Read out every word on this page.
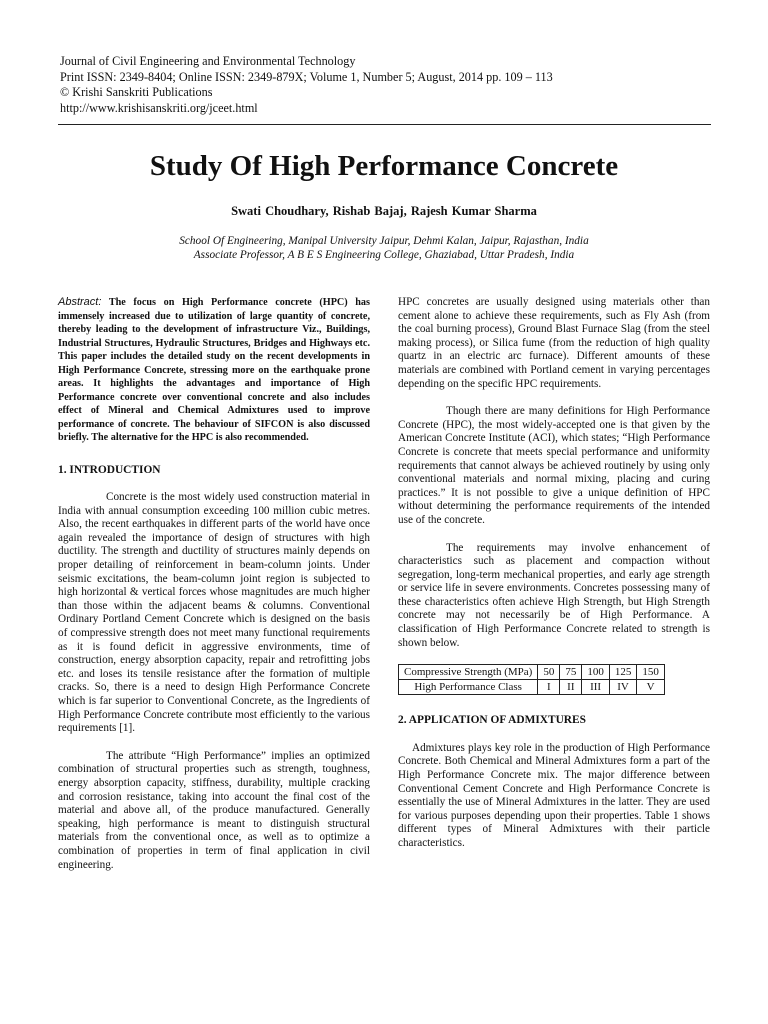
Journal of Civil Engineering and Environmental Technology
Print ISSN: 2349-8404; Online ISSN: 2349-879X; Volume 1, Number 5; August, 2014 pp. 109 – 113
© Krishi Sanskriti Publications
http://www.krishisanskriti.org/jceet.html
Study Of High Performance Concrete
Swati Choudhary, Rishab Bajaj, Rajesh Kumar Sharma
School Of Engineering, Manipal University Jaipur, Dehmi Kalan, Jaipur, Rajasthan, India
Associate Professor, A B E S Engineering College, Ghaziabad, Uttar Pradesh, India

Abstract: The focus on High Performance concrete (HPC) has immensely increased due to utilization of large quantity of concrete, thereby leading to the development of infrastructure Viz., Buildings, Industrial Structures, Hydraulic Structures, Bridges and Highways etc. This paper includes the detailed study on the recent developments in High Performance Concrete, stressing more on the earthquake prone areas. It highlights the advantages and importance of High Performance concrete over conventional concrete and also includes effect of Mineral and Chemical Admixtures used to improve performance of concrete. The behaviour of SIFCON is also discussed briefly. The alternative for the HPC is also recommended.

1. INTRODUCTION

Concrete is the most widely used construction material in India with annual consumption exceeding 100 million cubic metres. Also, the recent earthquakes in different parts of the world have once again revealed the importance of design of structures with high ductility. The strength and ductility of structures mainly depends on proper detailing of reinforcement in beam-column joints. Under seismic excitations, the beam-column joint region is subjected to high horizontal & vertical forces whose magnitudes are much higher than those within the adjacent beams & columns. Conventional Ordinary Portland Cement Concrete which is designed on the basis of compressive strength does not meet many functional requirements as it is found deficit in aggressive environments, time of construction, energy absorption capacity, repair and retrofitting jobs etc. and loses its tensile resistance after the formation of multiple cracks. So, there is a need to design High Performance Concrete which is far superior to Conventional Concrete, as the Ingredients of High Performance Concrete contribute most efficiently to the various requirements [1].

The attribute “High Performance” implies an optimized combination of structural properties such as strength, toughness, energy absorption capacity, stiffness, durability, multiple cracking and corrosion resistance, taking into account the final cost of the material and above all, of the produce manufactured. Generally speaking, high performance is meant to distinguish structural materials from the conventional once, as well as to optimize a combination of properties in term of final application in civil engineering.

HPC concretes are usually designed using materials other than cement alone to achieve these requirements, such as Fly Ash (from the coal burning process), Ground Blast Furnace Slag (from the steel making process), or Silica fume (from the reduction of high quality quartz in an electric arc furnace). Different amounts of these materials are combined with Portland cement in varying percentages depending on the specific HPC requirements.

Though there are many definitions for High Performance Concrete (HPC), the most widely-accepted one is that given by the American Concrete Institute (ACI), which states; “High Performance Concrete is concrete that meets special performance and uniformity requirements that cannot always be achieved routinely by using only conventional materials and normal mixing, placing and curing practices.” It is not possible to give a unique definition of HPC without determining the performance requirements of the intended use of the concrete.

The requirements may involve enhancement of characteristics such as placement and compaction without segregation, long-term mechanical properties, and early age strength or service life in severe environments. Concretes possessing many of these characteristics often achieve High Strength, but High Strength concrete may not necessarily be of High Performance. A classification of High Performance Concrete related to strength is shown below.

Compressive Strength (MPa)	50	75	100	125	150
High Performance Class	I	II	III	IV	V

2. APPLICATION OF ADMIXTURES

Admixtures plays key role in the production of High Performance Concrete. Both Chemical and Mineral Admixtures form a part of the High Performance Concrete mix. The major difference between Conventional Cement Concrete and High Performance Concrete is essentially the use of Mineral Admixtures in the latter. They are used for various purposes depending upon their properties. Table 1 shows different types of Mineral Admixtures with their particle characteristics.
